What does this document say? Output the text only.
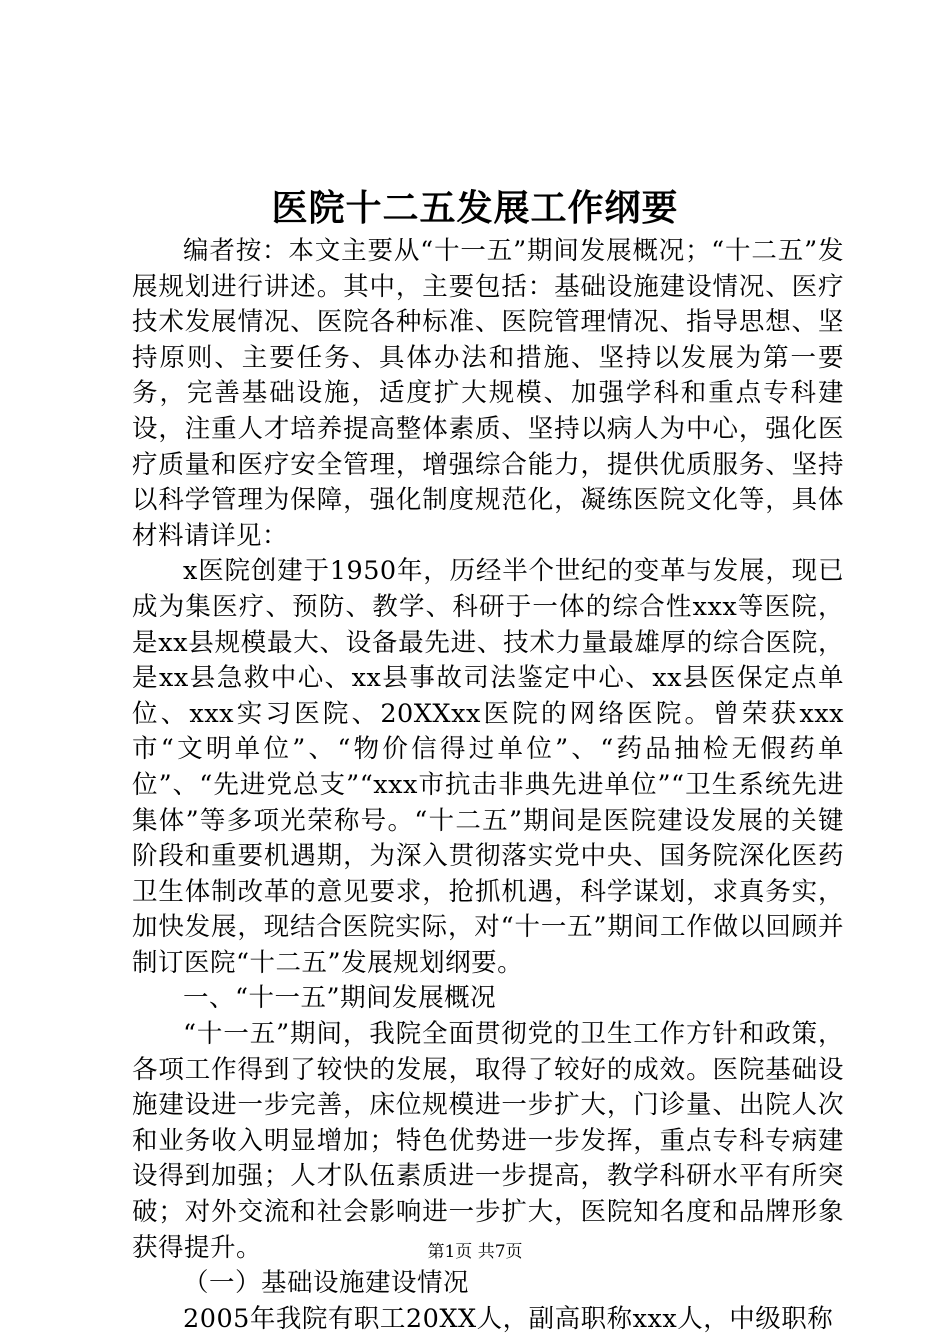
医院十二五发展工作纲要

编者按：本文主要从“十一五”期间发展概况；“十二五”发展规划进行讲述。其中，主要包括：基础设施建设情况、医疗技术发展情况、医院各种标准、医院管理情况、指导思想、坚持原则、主要任务、具体办法和措施、坚持以发展为第一要务，完善基础设施，适度扩大规模、加强学科和重点专科建设，注重人才培养提高整体素质、坚持以病人为中心，强化医疗质量和医疗安全管理，增强综合能力，提供优质服务、坚持以科学管理为保障，强化制度规范化，凝练医院文化等，具体材料请详见：

x医院创建于1950年，历经半个世纪的变革与发展，现已成为集医疗、预防、教学、科研于一体的综合性xxx等医院，是xx县规模最大、设备最先进、技术力量最雄厚的综合医院，是xx县急救中心、xx县事故司法鉴定中心、xx县医保定点单位、xxx实习医院、20XXxx医院的网络医院。曾荣获xxx市“文明单位”、“物价信得过单位”、“药品抽检无假药单位”、“先进党总支”“xxx市抗击非典先进单位”“卫生系统先进集体”等多项光荣称号。“十二五”期间是医院建设发展的关键阶段和重要机遇期，为深入贯彻落实党中央、国务院深化医药卫生体制改革的意见要求，抢抓机遇，科学谋划，求真务实，加快发展，现结合医院实际，对“十一五”期间工作做以回顾并制订医院“十二五”发展规划纲要。

一、“十一五”期间发展概况

“十一五”期间，我院全面贯彻党的卫生工作方针和政策，各项工作得到了较快的发展，取得了较好的成效。医院基础设施建设进一步完善，床位规模进一步扩大，门诊量、出院人次和业务收入明显增加；特色优势进一步发挥，重点专科专病建设得到加强；人才队伍素质进一步提高，教学科研水平有所突破；对外交流和社会影响进一步扩大，医院知名度和品牌形象获得提升。

（一）基础设施建设情况

2005年我院有职工20XX人，副高职称xxx人，中级职称

第1页 共7页
